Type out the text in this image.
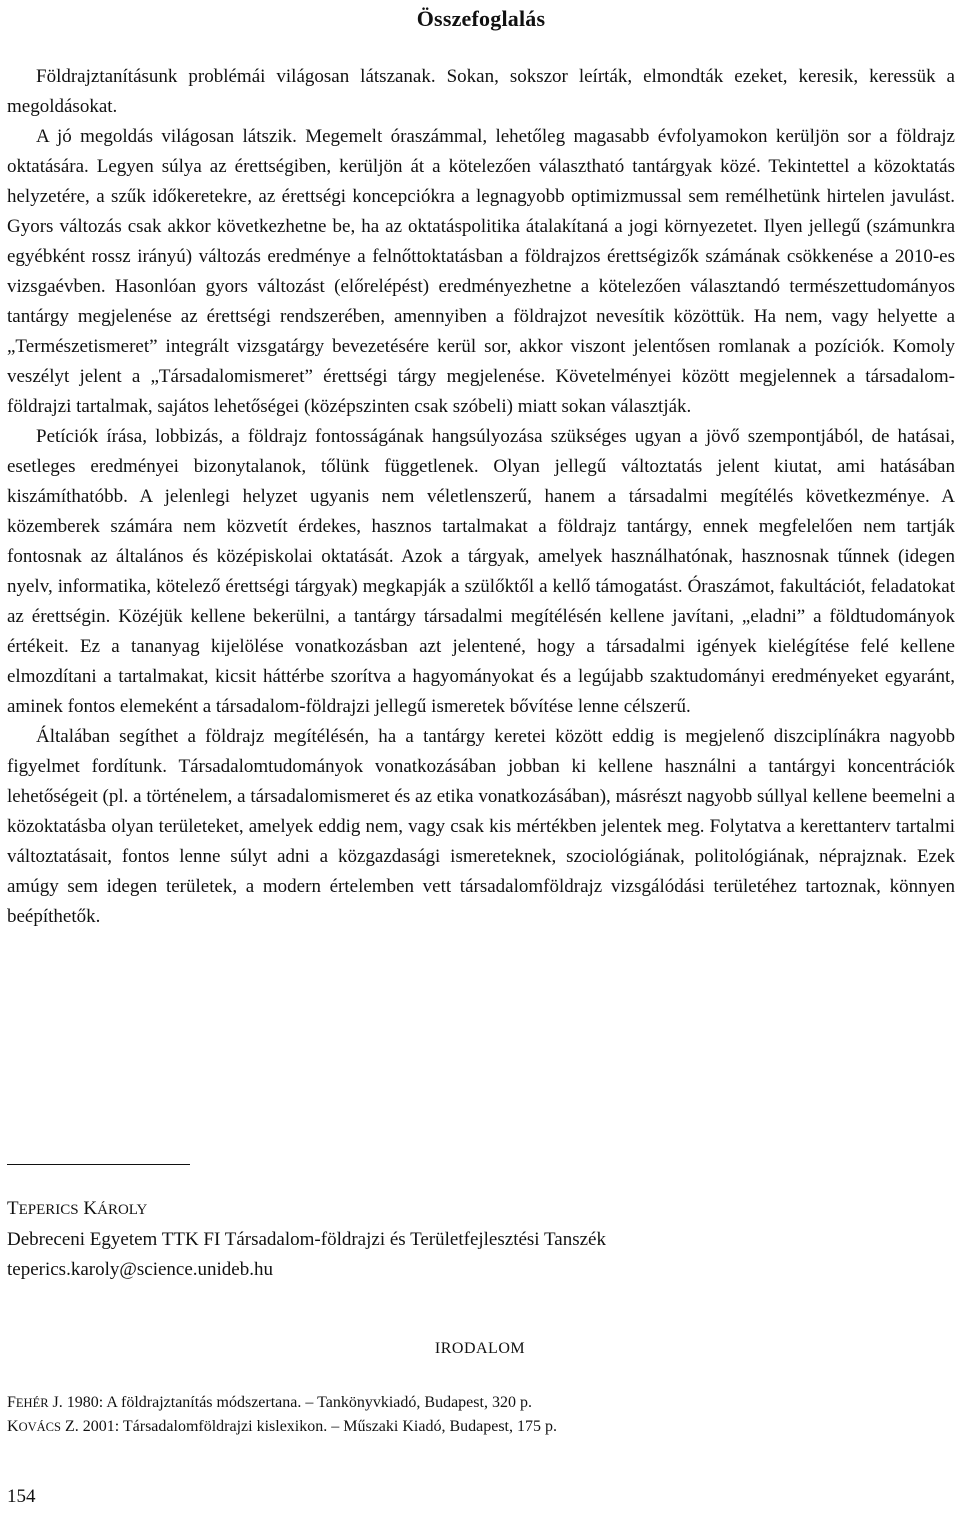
Összefoglalás

Földrajztanításunk problémái világosan látszanak. Sokan, sokszor leírták, elmondták ezeket, keresik, keressük a megoldásokat.

A jó megoldás világosan látszik. Megemelt óraszámmal, lehetőleg magasabb évfolyamokon kerüljön sor a földrajz oktatására. Legyen súlya az érettségiben, kerüljön át a kötelezően választható tantárgyak közé. Tekintettel a közoktatás helyzetére, a szűk időkeretekre, az érettségi koncepciókra a legnagyobb optimizmussal sem remélhetünk hirtelen javulást. Gyors változás csak akkor következhetne be, ha az oktatáspolitika átalakítaná a jogi környezetet. Ilyen jellegű (számunkra egyébként rossz irányú) változás eredménye a felnőttoktatásban a földrajzos érettségizők számának csökkenése a 2010-es vizsgaévben. Hasonlóan gyors változást (előrelépést) eredményezhetne a kötelezően választandó természettudományos tantárgy megjelenése az érettségi rendszerében, amennyiben a földrajzot nevesítik közöttük. Ha nem, vagy helyette a „Természetismeret” integrált vizsgatárgy bevezetésére kerül sor, akkor viszont jelentősen romlanak a pozíciók. Komoly veszélyt jelent a „Társadalomismeret” érettségi tárgy megjelenése. Követelményei között megjelennek a társadalom-földrajzi tartalmak, sajátos lehetőségei (középszinten csak szóbeli) miatt sokan választják.

Petíciók írása, lobbizás, a földrajz fontosságának hangsúlyozása szükséges ugyan a jövő szempontjából, de hatásai, esetleges eredményei bizonytalanok, tőlünk függetlenek. Olyan jellegű változtatás jelent kiutat, ami hatásában kiszámíthatóbb. A jelenlegi helyzet ugyanis nem véletlenszerű, hanem a társadalmi megítélés következménye. A közemberek számára nem közvetít érdekes, hasznos tartalmakat a földrajz tantárgy, ennek megfelelően nem tartják fontosnak az általános és középiskolai oktatását. Azok a tárgyak, amelyek használhatónak, hasznosnak tűnnek (idegen nyelv, informatika, kötelező érettségi tárgyak) megkapják a szülőktől a kellő támogatást. Óraszámot, fakultációt, feladatokat az érettségin. Közéjük kellene bekerülni, a tantárgy társadalmi megítélésén kellene javítani, „eladni” a földtudományok értékeit. Ez a tananyag kijelölése vonatkozásban azt jelentené, hogy a társadalmi igények kielégítése felé kellene elmozdítani a tartalmakat, kicsit háttérbe szorítva a hagyományokat és a legújabb szaktudományi eredményeket egyaránt, aminek fontos elemeként a társadalom-földrajzi jellegű ismeretek bővítése lenne célszerű.

Általában segíthet a földrajz megítélésén, ha a tantárgy keretei között eddig is megjelenő diszciplínákra nagyobb figyelmet fordítunk. Társadalomtudományok vonatkozásában jobban ki kellene használni a tantárgyi koncentrációk lehetőségeit (pl. a történelem, a társadalomismeret és az etika vonatkozásában), másrészt nagyobb súllyal kellene beemelni a közoktatásba olyan területeket, amelyek eddig nem, vagy csak kis mértékben jelentek meg. Folytatva a kerettanterv tartalmi változtatásait, fontos lenne súlyt adni a közgazdasági ismereteknek, szociológiának, politológiának, néprajznak. Ezek amúgy sem idegen területek, a modern értelemben vett társadalomföldrajz vizsgálódási területéhez tartoznak, könnyen beépíthetők.

TEPERICS KÁROLY
Debreceni Egyetem TTK FI Társadalom-földrajzi és Területfejlesztési Tanszék
teperics.karoly@science.unideb.hu
IRODALOM
FEHÉR J. 1980: A földrajztanítás módszertana. – Tankönyvkiadó, Budapest, 320 p.
KOVÁCS Z. 2001: Társadalomföldrajzi kislexikon. – Műszaki Kiadó, Budapest, 175 p.
154
